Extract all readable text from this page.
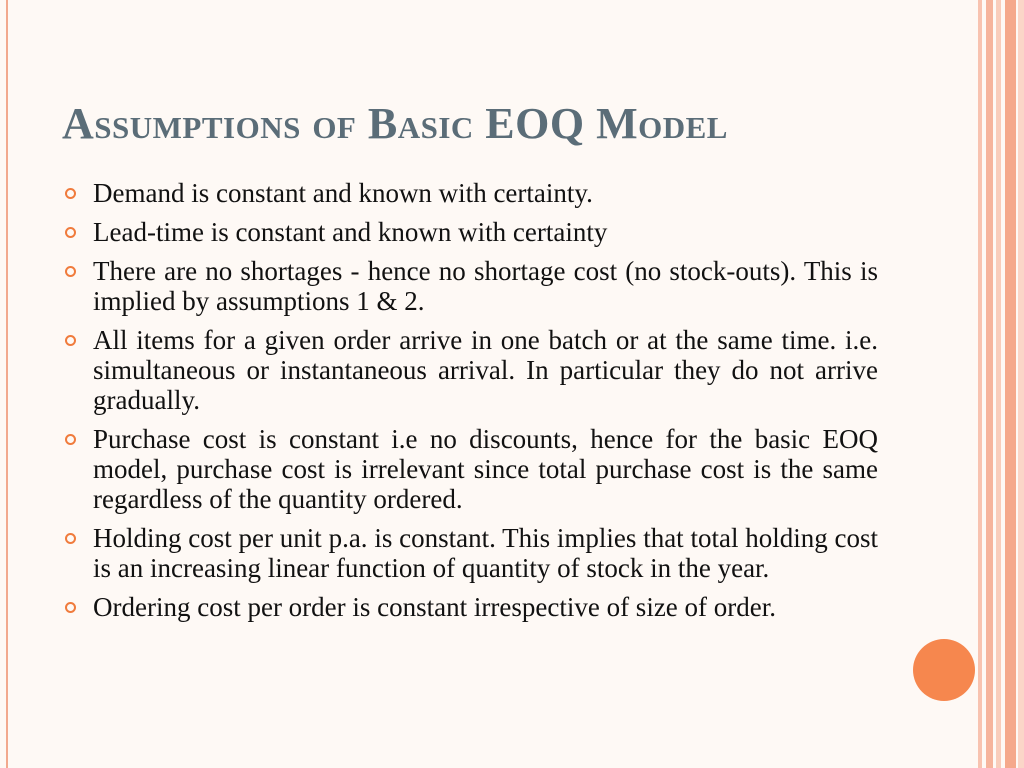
Assumptions of Basic EOQ Model
Demand is constant and known with certainty.
Lead-time is constant and known with certainty
There are no shortages - hence no shortage cost (no stock-outs). This is implied by assumptions 1 & 2.
All items for a given order arrive in one batch or at the same time. i.e. simultaneous or instantaneous arrival. In particular they do not arrive gradually.
Purchase cost is constant i.e no discounts, hence for the basic EOQ model, purchase cost is irrelevant since total purchase cost is the same regardless of the quantity ordered.
Holding cost per unit p.a. is constant. This implies that total holding cost is an increasing linear function of quantity of stock in the year.
Ordering cost per order is constant irrespective of size of order.
